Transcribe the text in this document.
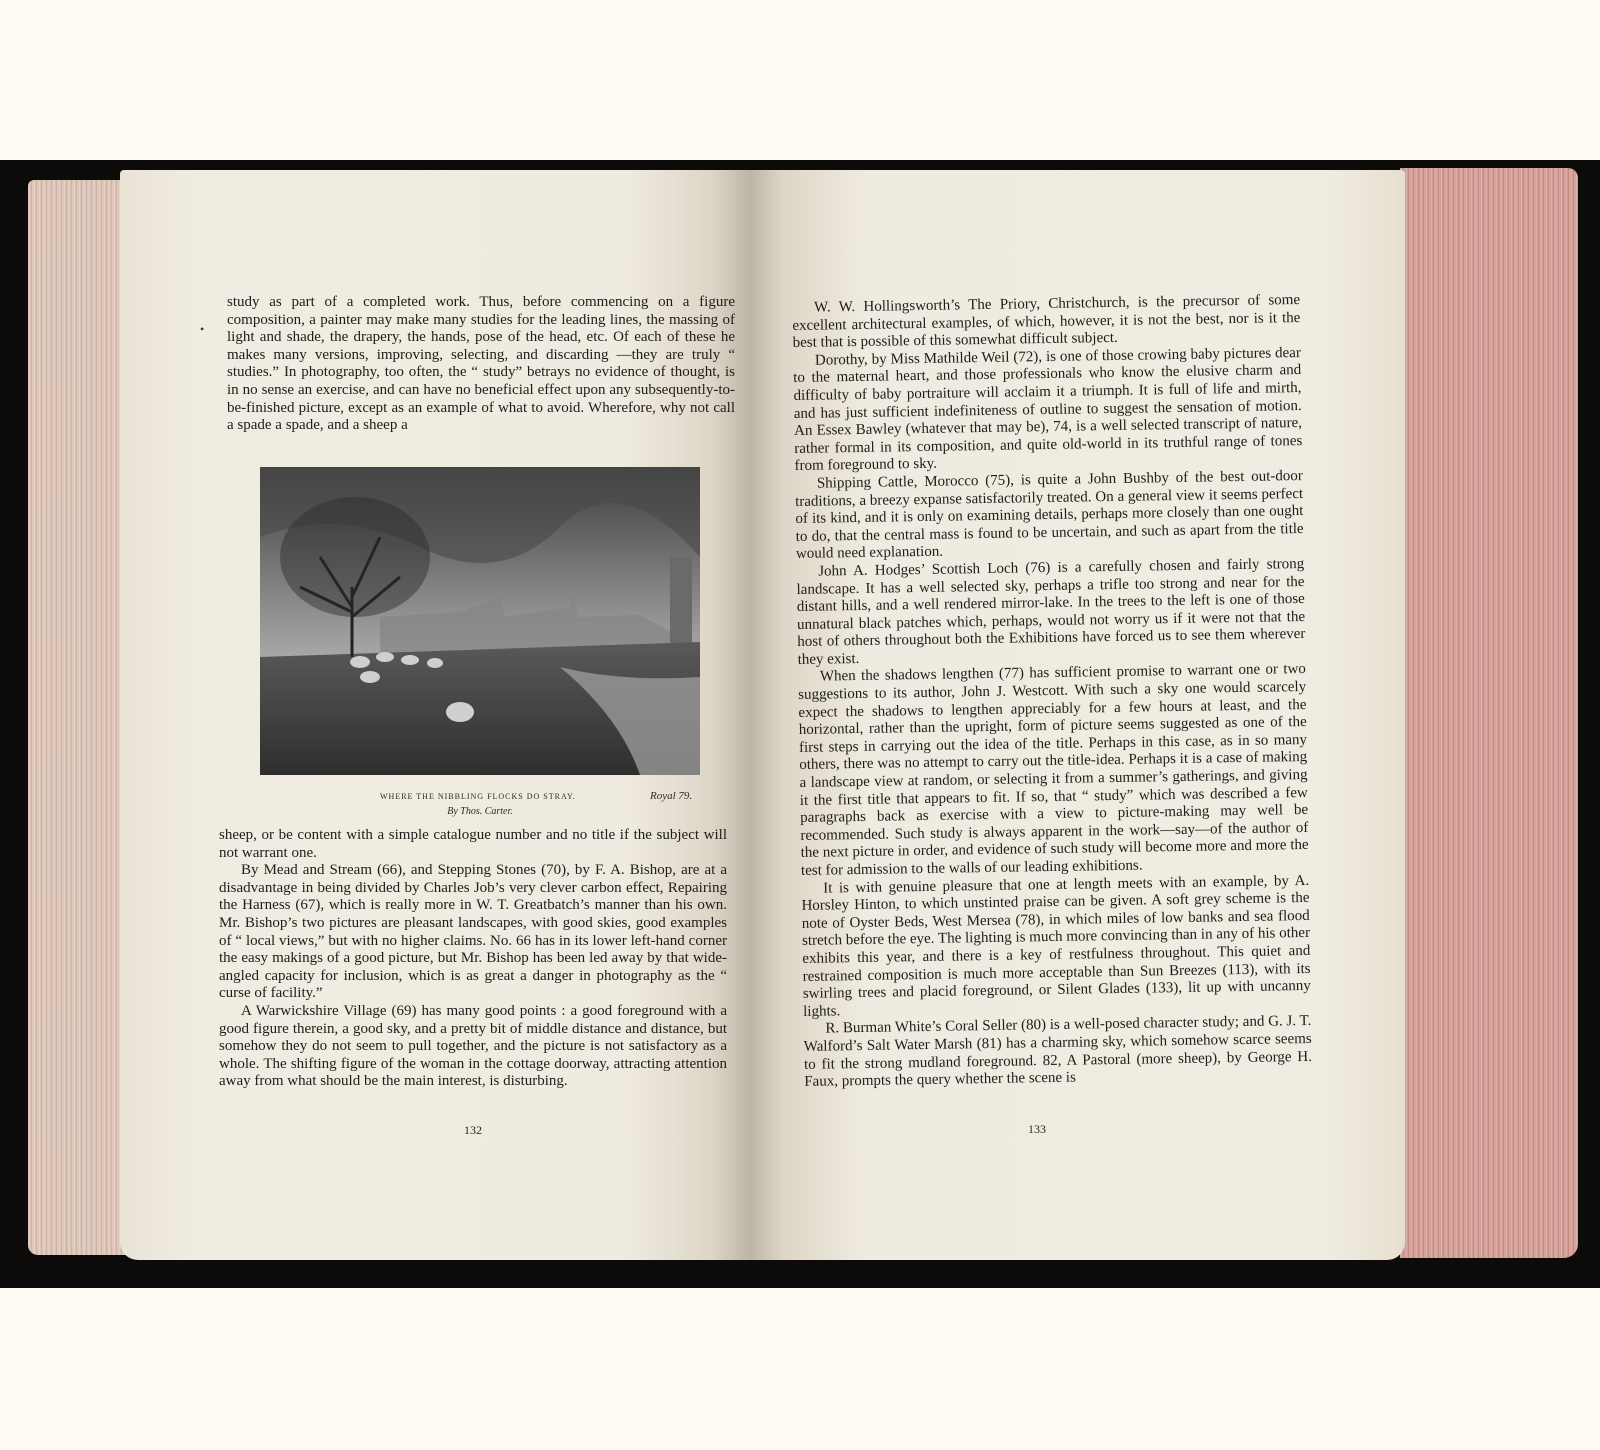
•

study as part of a completed work. Thus, before commencing on a figure composition, a painter may make many studies for the leading lines, the massing of light and shade, the drapery, the hands, pose of the head, etc. Of each of these he makes many versions, improving, selecting, and discarding —they are truly “ studies.” In photography, too often, the “ study” betrays no evidence of thought, is in no sense an exercise, and can have no beneficial effect upon any subsequently-to-be-finished picture, except as an example of what to avoid. Wherefore, why not call a spade a spade, and a sheep a

WHERE THE NIBBLING FLOCKS DO STRAY.	Royal 79.
By Thos. Carter.

sheep, or be content with a simple catalogue number and no title if the subject will not warrant one.

By Mead and Stream (66), and Stepping Stones (70), by F. A. Bishop, are at a disadvantage in being divided by Charles Job’s very clever carbon effect, Repairing the Harness (67), which is really more in W. T. Greatbatch’s manner than his own. Mr. Bishop’s two pictures are pleasant landscapes, with good skies, good examples of “ local views,” but with no higher claims. No. 66 has in its lower left-hand corner the easy makings of a good picture, but Mr. Bishop has been led away by that wide-angled capacity for inclusion, which is as great a danger in photography as the “ curse of facility.”

A Warwickshire Village (69) has many good points : a good foreground with a good figure therein, a good sky, and a pretty bit of middle distance and distance, but somehow they do not seem to pull together, and the picture is not satisfactory as a whole. The shifting figure of the woman in the cottage doorway, attracting attention away from what should be the main interest, is disturbing.

132

W. W. Hollingsworth’s The Priory, Christchurch, is the precursor of some excellent architectural examples, of which, however, it is not the best, nor is it the best that is possible of this somewhat difficult subject.

Dorothy, by Miss Mathilde Weil (72), is one of those crowing baby pictures dear to the maternal heart, and those professionals who know the elusive charm and difficulty of baby portraiture will acclaim it a triumph. It is full of life and mirth, and has just sufficient indefiniteness of outline to suggest the sensation of motion. An Essex Bawley (whatever that may be), 74, is a well selected transcript of nature, rather formal in its composition, and quite old-world in its truthful range of tones from foreground to sky.

Shipping Cattle, Morocco (75), is quite a John Bushby of the best out-door traditions, a breezy expanse satisfactorily treated. On a general view it seems perfect of its kind, and it is only on examining details, perhaps more closely than one ought to do, that the central mass is found to be uncertain, and such as apart from the title would need explanation.

John A. Hodges’ Scottish Loch (76) is a carefully chosen and fairly strong landscape. It has a well selected sky, perhaps a trifle too strong and near for the distant hills, and a well rendered mirror-lake. In the trees to the left is one of those unnatural black patches which, perhaps, would not worry us if it were not that the host of others throughout both the Exhibitions have forced us to see them wherever they exist.

When the shadows lengthen (77) has sufficient promise to warrant one or two suggestions to its author, John J. Westcott. With such a sky one would scarcely expect the shadows to lengthen appreciably for a few hours at least, and the horizontal, rather than the upright, form of picture seems suggested as one of the first steps in carrying out the idea of the title. Perhaps in this case, as in so many others, there was no attempt to carry out the title-idea. Perhaps it is a case of making a landscape view at random, or selecting it from a summer’s gatherings, and giving it the first title that appears to fit. If so, that “ study” which was described a few paragraphs back as exercise with a view to picture-making may well be recommended. Such study is always apparent in the work—say—of the author of the next picture in order, and evidence of such study will become more and more the test for admission to the walls of our leading exhibitions.

It is with genuine pleasure that one at length meets with an example, by A. Horsley Hinton, to which unstinted praise can be given. A soft grey scheme is the note of Oyster Beds, West Mersea (78), in which miles of low banks and sea flood stretch before the eye. The lighting is much more convincing than in any of his other exhibits this year, and there is a key of restfulness throughout. This quiet and restrained composition is much more acceptable than Sun Breezes (113), with its swirling trees and placid foreground, or Silent Glades (133), lit up with uncanny lights.

R. Burman White’s Coral Seller (80) is a well-posed character study; and G. J. T. Walford’s Salt Water Marsh (81) has a charming sky, which somehow scarce seems to fit the strong mudland foreground. 82, A Pastoral (more sheep), by George H. Faux, prompts the query whether the scene is

133
